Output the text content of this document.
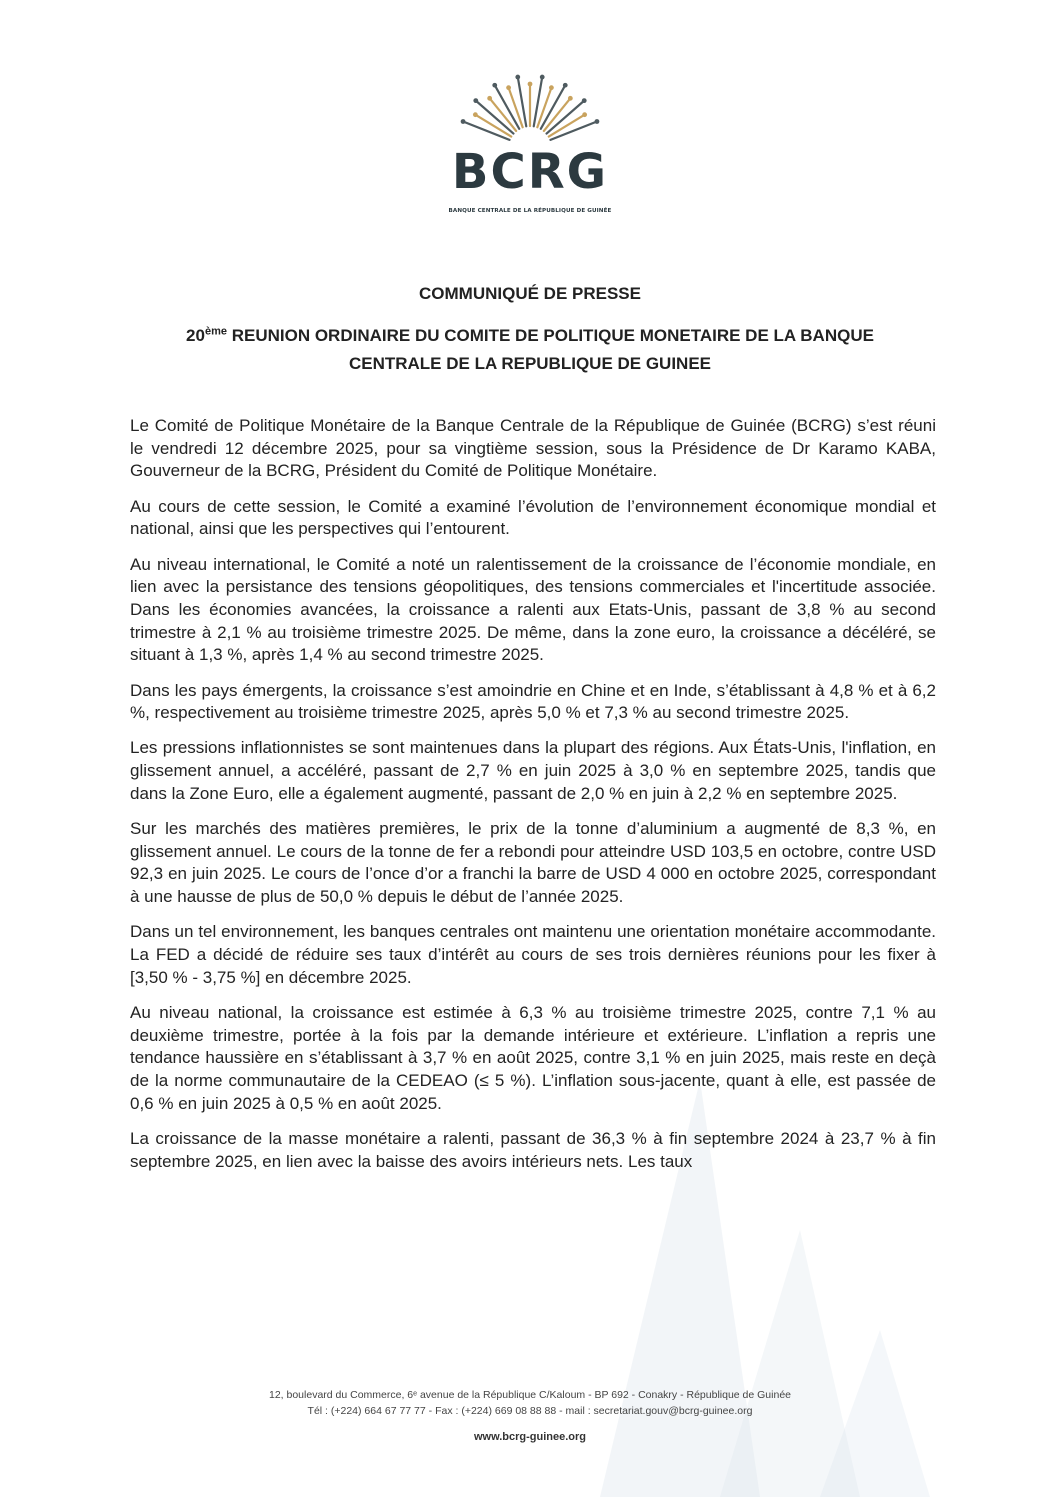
BCRG
BANQUE CENTRALE DE LA RÉPUBLIQUE DE GUINÉE
COMMUNIQUÉ DE PRESSE
20ème REUNION ORDINAIRE DU COMITE DE POLITIQUE MONETAIRE DE LA BANQUE
CENTRALE DE LA REPUBLIQUE DE GUINEE

Le Comité de Politique Monétaire de la Banque Centrale de la République de Guinée (BCRG) s’est réuni le vendredi 12 décembre 2025, pour sa vingtième session, sous la Présidence de Dr Karamo KABA, Gouverneur de la BCRG, Président du Comité de Politique Monétaire.

Au cours de cette session, le Comité a examiné l’évolution de l’environnement économique mondial et national, ainsi que les perspectives qui l’entourent.

Au niveau international, le Comité a noté un ralentissement de la croissance de l’économie mondiale, en lien avec la persistance des tensions géopolitiques, des tensions commerciales et l'incertitude associée. Dans les économies avancées, la croissance a ralenti aux Etats-Unis, passant de 3,8 % au second trimestre à 2,1 % au troisième trimestre 2025. De même, dans la zone euro, la croissance a décéléré, se situant à 1,3 %, après 1,4 % au second trimestre 2025.

Dans les pays émergents, la croissance s’est amoindrie en Chine et en Inde, s’établissant à 4,8 % et à 6,2 %, respectivement au troisième trimestre 2025, après 5,0 % et 7,3 % au second trimestre 2025.

Les pressions inflationnistes se sont maintenues dans la plupart des régions. Aux États-Unis, l'inflation, en glissement annuel, a accéléré, passant de 2,7 % en juin 2025 à 3,0 % en septembre 2025, tandis que dans la Zone Euro, elle a également augmenté, passant de 2,0 % en juin à 2,2 % en septembre 2025.

Sur les marchés des matières premières, le prix de la tonne d’aluminium a augmenté de 8,3 %, en glissement annuel. Le cours de la tonne de fer a rebondi pour atteindre USD 103,5 en octobre, contre USD 92,3 en juin 2025. Le cours de l’once d’or a franchi la barre de USD 4 000 en octobre 2025, correspondant à une hausse de plus de 50,0 % depuis le début de l’année 2025.

Dans un tel environnement, les banques centrales ont maintenu une orientation monétaire accommodante. La FED a décidé de réduire ses taux d’intérêt au cours de ses trois dernières réunions pour les fixer à [3,50 % - 3,75 %] en décembre 2025.

Au niveau national, la croissance est estimée à 6,3 % au troisième trimestre 2025, contre 7,1 % au deuxième trimestre, portée à la fois par la demande intérieure et extérieure. L’inflation a repris une tendance haussière en s’établissant à 3,7 % en août 2025, contre 3,1 % en juin 2025, mais reste en deçà de la norme communautaire de la CEDEAO (≤ 5 %). L’inflation sous-jacente, quant à elle, est passée de 0,6 % en juin 2025 à 0,5 % en août 2025.

La croissance de la masse monétaire a ralenti, passant de 36,3 % à fin septembre 2024 à 23,7 % à fin septembre 2025, en lien avec la baisse des avoirs intérieurs nets. Les taux

12, boulevard du Commerce, 6ᵉ avenue de la République C/Kaloum - BP 692 - Conakry - République de Guinée
Tél : (+224) 664 67 77 77 - Fax : (+224) 669 08 88 88 - mail : secretariat.gouv@bcrg-guinee.org
www.bcrg-guinee.org
